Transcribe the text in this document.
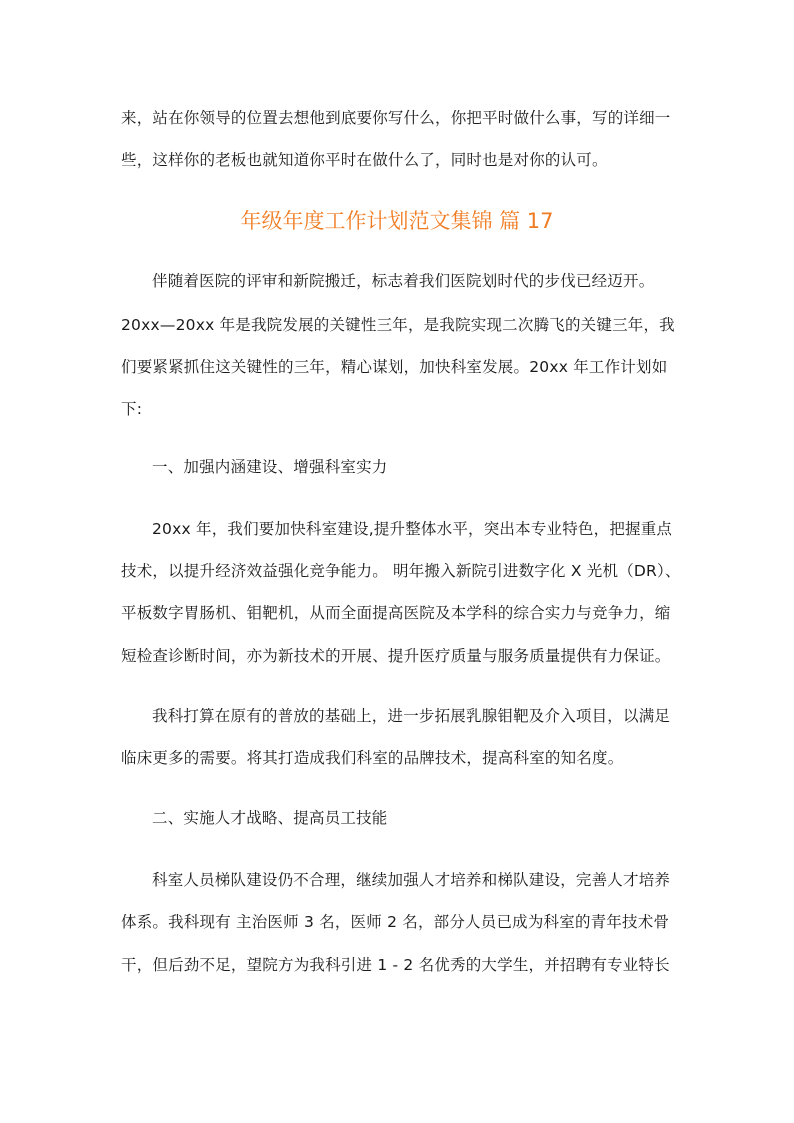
来，站在你领导的位置去想他到底要你写什么，你把平时做什么事，写的详细一
些，这样你的老板也就知道你平时在做什么了，同时也是对你的认可。
年级年度工作计划范文集锦 篇 17
伴随着医院的评审和新院搬迁，标志着我们医院划时代的步伐已经迈开。
20xx—20xx 年是我院发展的关键性三年，是我院实现二次腾飞的关键三年，我
们要紧紧抓住这关键性的三年，精心谋划，加快科室发展。20xx 年工作计划如
下:
一、加强内涵建设、增强科室实力
20xx 年，我们要加快科室建设,提升整体水平，突出本专业特色，把握重点
技术，以提升经济效益强化竞争能力。 明年搬入新院引进数字化 X 光机（DR）、
平板数字胃肠机、钼靶机，从而全面提高医院及本学科的综合实力与竞争力，缩
短检查诊断时间，亦为新技术的开展、提升医疗质量与服务质量提供有力保证。
我科打算在原有的普放的基础上，进一步拓展乳腺钼靶及介入项目，以满足
临床更多的需要。将其打造成我们科室的品牌技术，提高科室的知名度。
二、实施人才战略、提高员工技能
科室人员梯队建设仍不合理，继续加强人才培养和梯队建设，完善人才培养
体系。我科现有 主治医师 3 名，医师 2 名，部分人员已成为科室的青年技术骨
干，但后劲不足，望院方为我科引进 1 - 2 名优秀的大学生，并招聘有专业特长
